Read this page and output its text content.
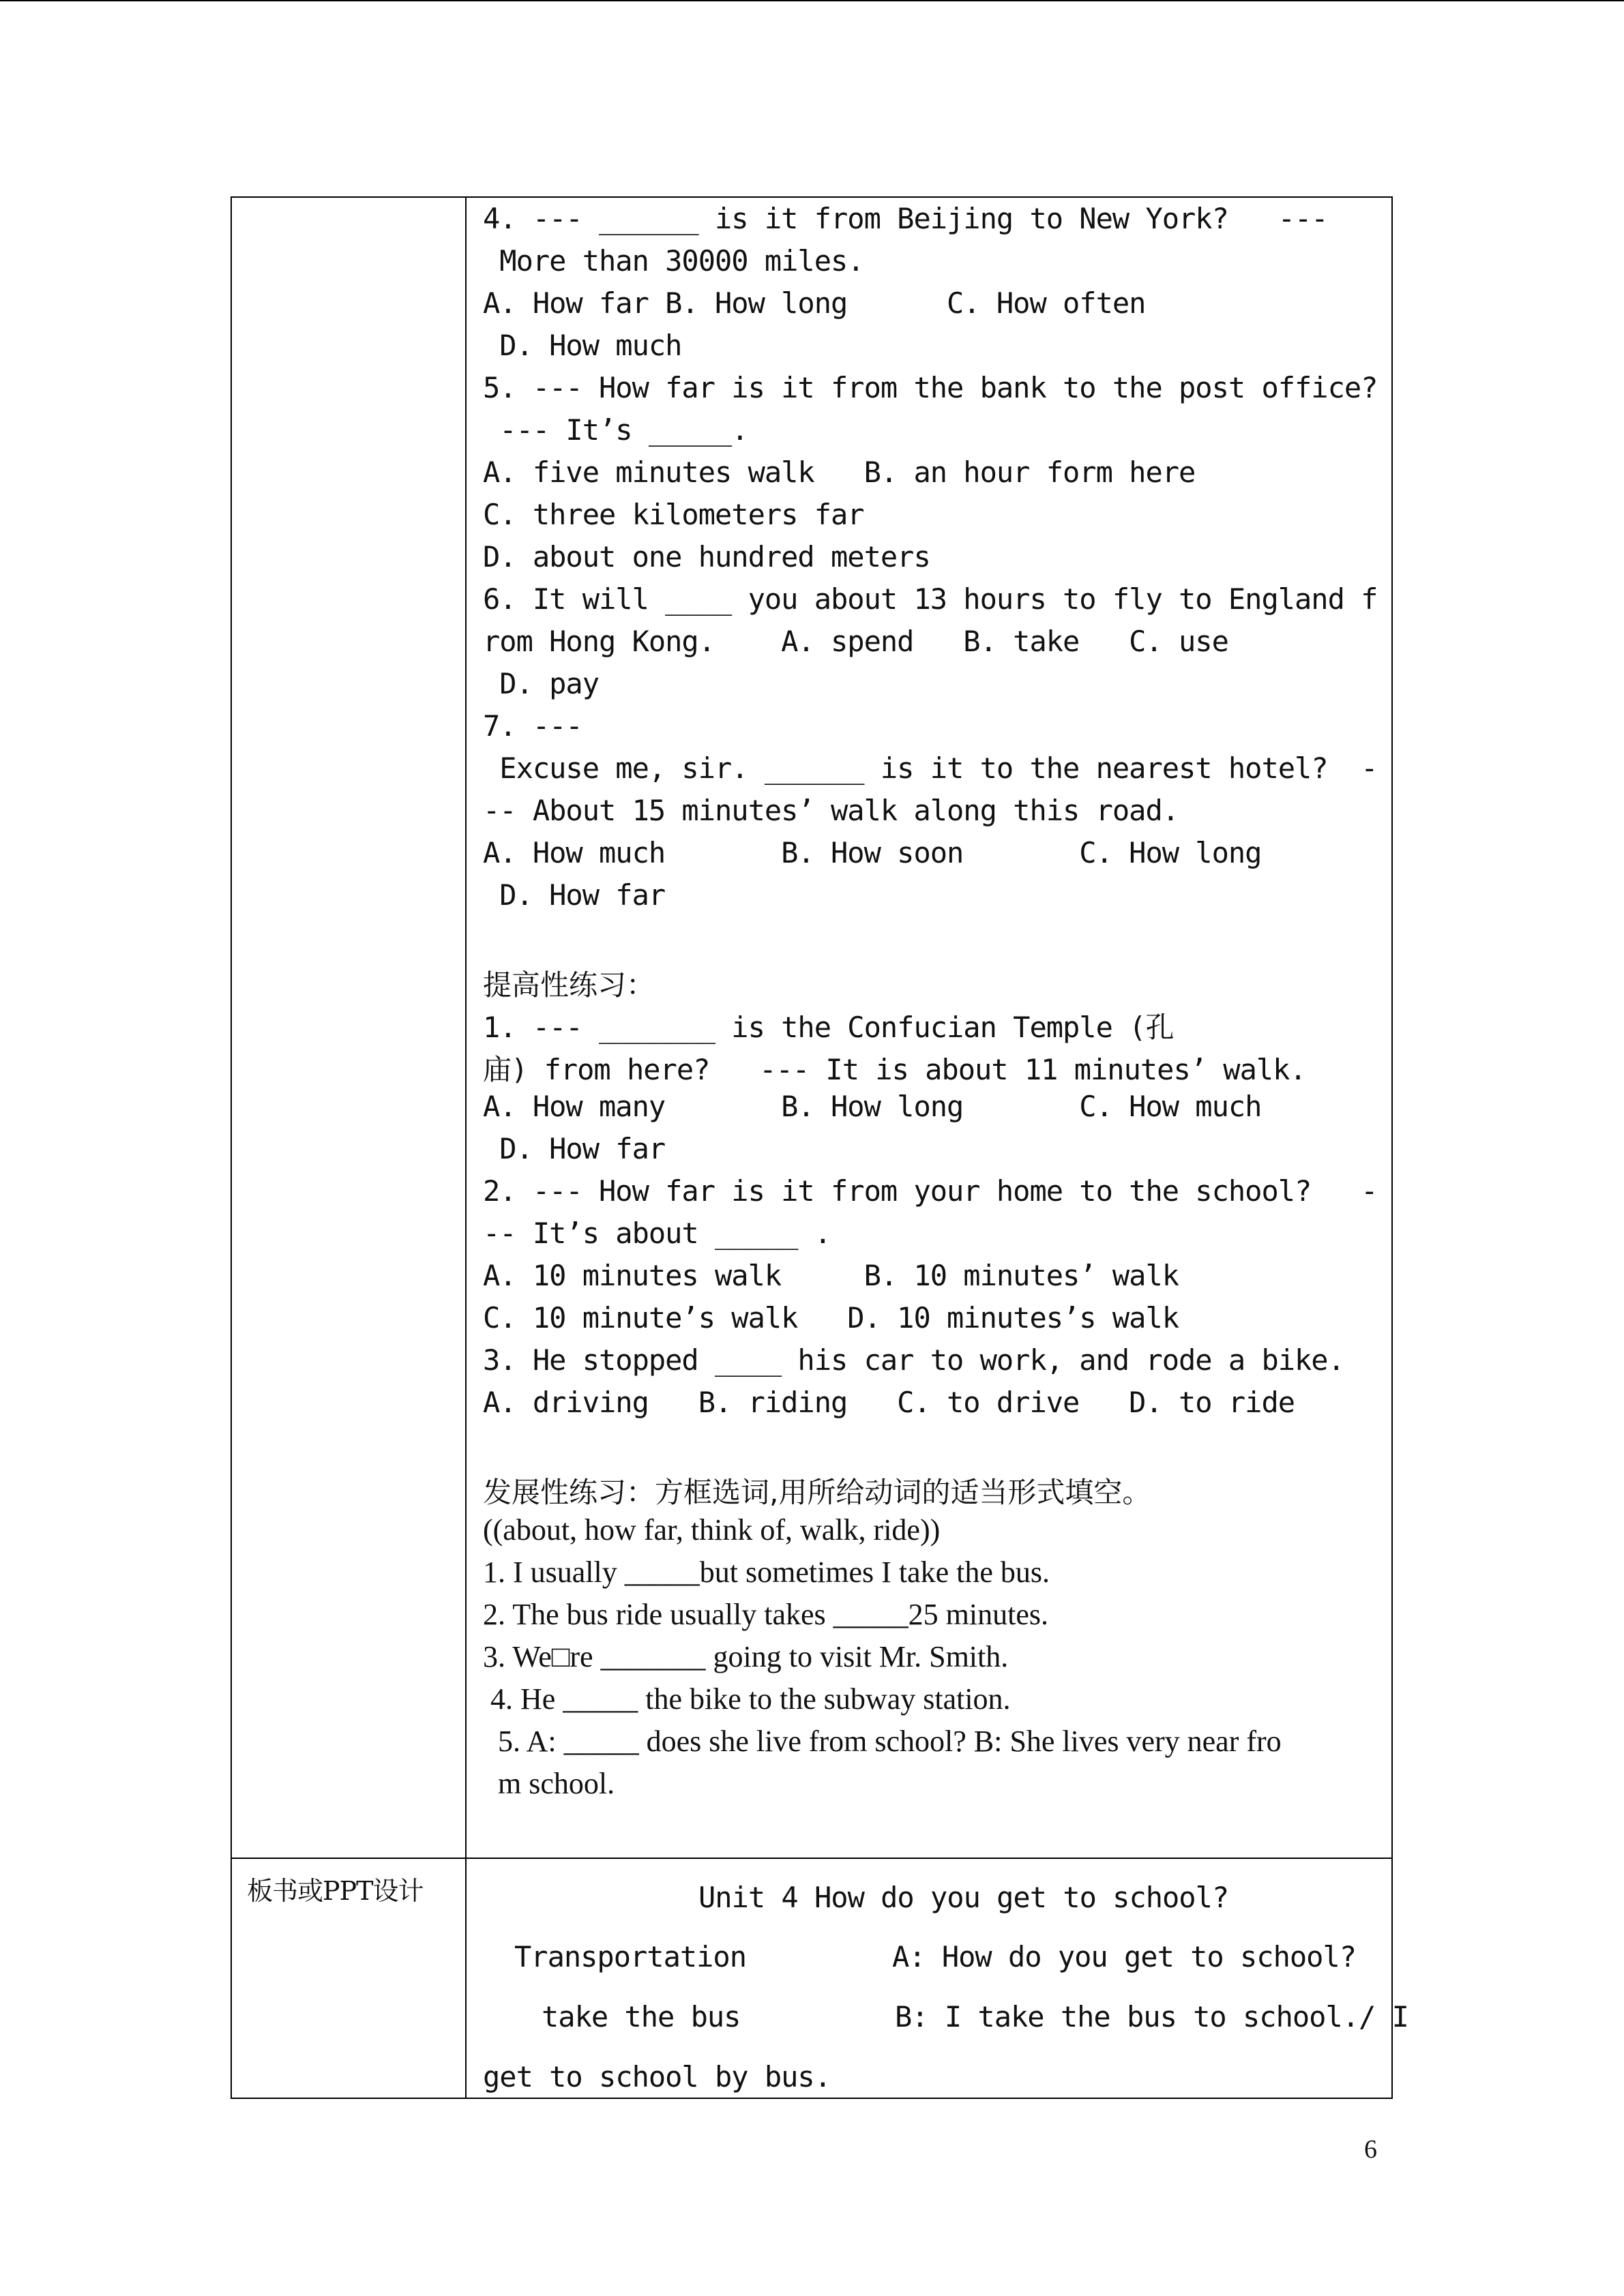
板书或PPT设计
4. --- ______ is it from Beijing to New York?   ---
More than 30000 miles.
A. How far B. How long      C. How often
D. How much
5. --- How far is it from the bank to the post office?
--- It’s _____.
A. five minutes walk   B. an hour form here
C. three kilometers far
D. about one hundred meters
6. It will ____ you about 13 hours to fly to England f
rom Hong Kong.    A. spend   B. take   C. use
D. pay
7. ---
Excuse me, sir. ______ is it to the nearest hotel?  -
-- About 15 minutes’ walk along this road.
A. How much       B. How soon       C. How long
D. How far
提高性练习：
1. --- _______ is the Confucian Temple (孔
庙) from here?   --- It is about 11 minutes’ walk.
A. How many       B. How long       C. How much
D. How far
2. --- How far is it from your home to the school?   -
-- It’s about _____ .
A. 10 minutes walk     B. 10 minutes’ walk
C. 10 minute’s walk   D. 10 minutes’s walk
3. He stopped ____ his car to work, and rode a bike.
A. driving   B. riding   C. to drive   D. to ride
发展性练习：方框选词,用所给动词的适当形式填空。
((about, how far, think of, walk, ride))
1. I usually _____but sometimes I take the bus.
2. The bus ride usually takes _____25 minutes.
3. We□re _______ going to visit Mr. Smith.
4. He _____ the bike to the subway station.
5. A: _____ does she live from school? B: She lives very near fro
m school.
Unit 4 How do you get to school?
Transportation	A: How do you get to school?
take the bus	B: I take the bus to school./ I
get to school by bus.
6
